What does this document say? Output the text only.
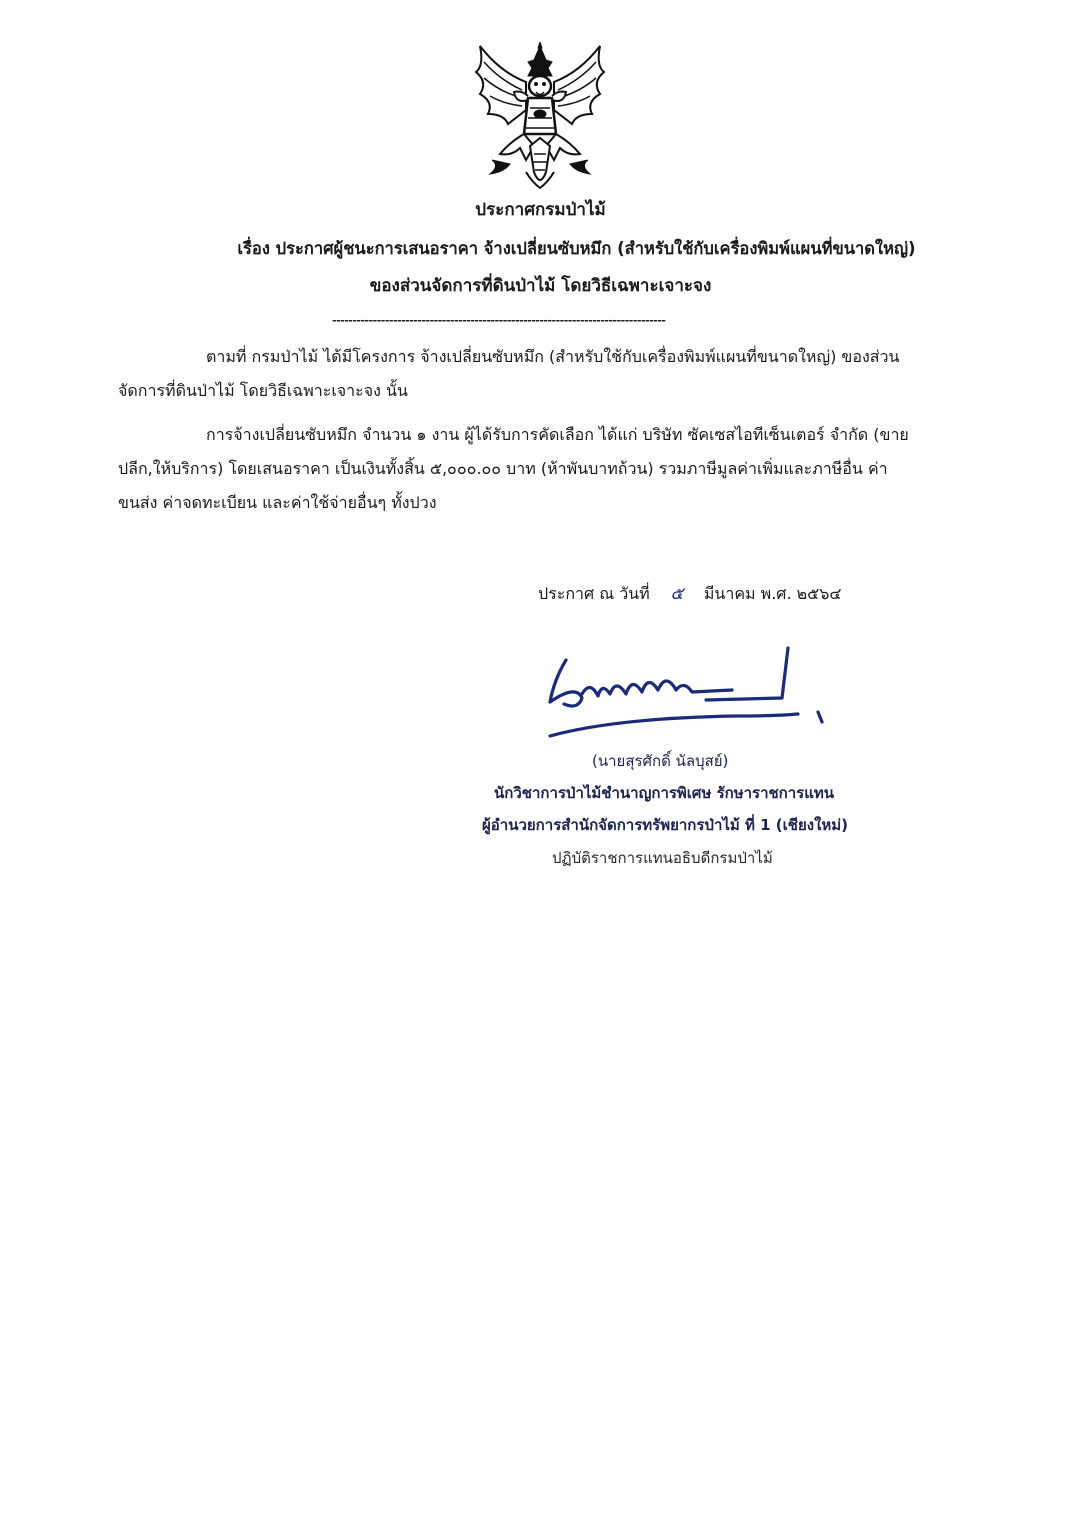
ประกาศกรมป่าไม้
เรื่อง ประกาศผู้ชนะการเสนอราคา จ้างเปลี่ยนซับหมึก (สำหรับใช้กับเครื่องพิมพ์แผนที่ขนาดใหญ่)
ของส่วนจัดการที่ดินป่าไม้ โดยวิธีเฉพาะเจาะจง
----------------------------------------------------------------------------------
ตามที่ กรมป่าไม้ ได้มีโครงการ จ้างเปลี่ยนซับหมึก (สำหรับใช้กับเครื่องพิมพ์แผนที่ขนาดใหญ่) ของส่วน
จัดการที่ดินป่าไม้ โดยวิธีเฉพาะเจาะจง นั้น
การจ้างเปลี่ยนซับหมึก จำนวน ๑ งาน ผู้ได้รับการคัดเลือก ได้แก่ บริษัท ซัคเซสไอทีเซ็นเตอร์ จำกัด (ขาย
ปลีก,ให้บริการ) โดยเสนอราคา เป็นเงินทั้งสิ้น ๕,๐๐๐.๐๐ บาท (ห้าพันบาทถ้วน) รวมภาษีมูลค่าเพิ่มและภาษีอื่น ค่า
ขนส่ง ค่าจดทะเบียน และค่าใช้จ่ายอื่นๆ ทั้งปวง
ประกาศ ณ วันที่ ๕ มีนาคม พ.ศ. ๒๕๖๔
(นายสุรศักดิ์ นัลบุสย์)
นักวิชาการป่าไม้ชำนาญการพิเศษ รักษาราชการแทน
ผู้อำนวยการสำนักจัดการทรัพยากรป่าไม้ ที่ 1 (เชียงใหม่)
ปฏิบัติราชการแทนอธิบดีกรมป่าไม้
